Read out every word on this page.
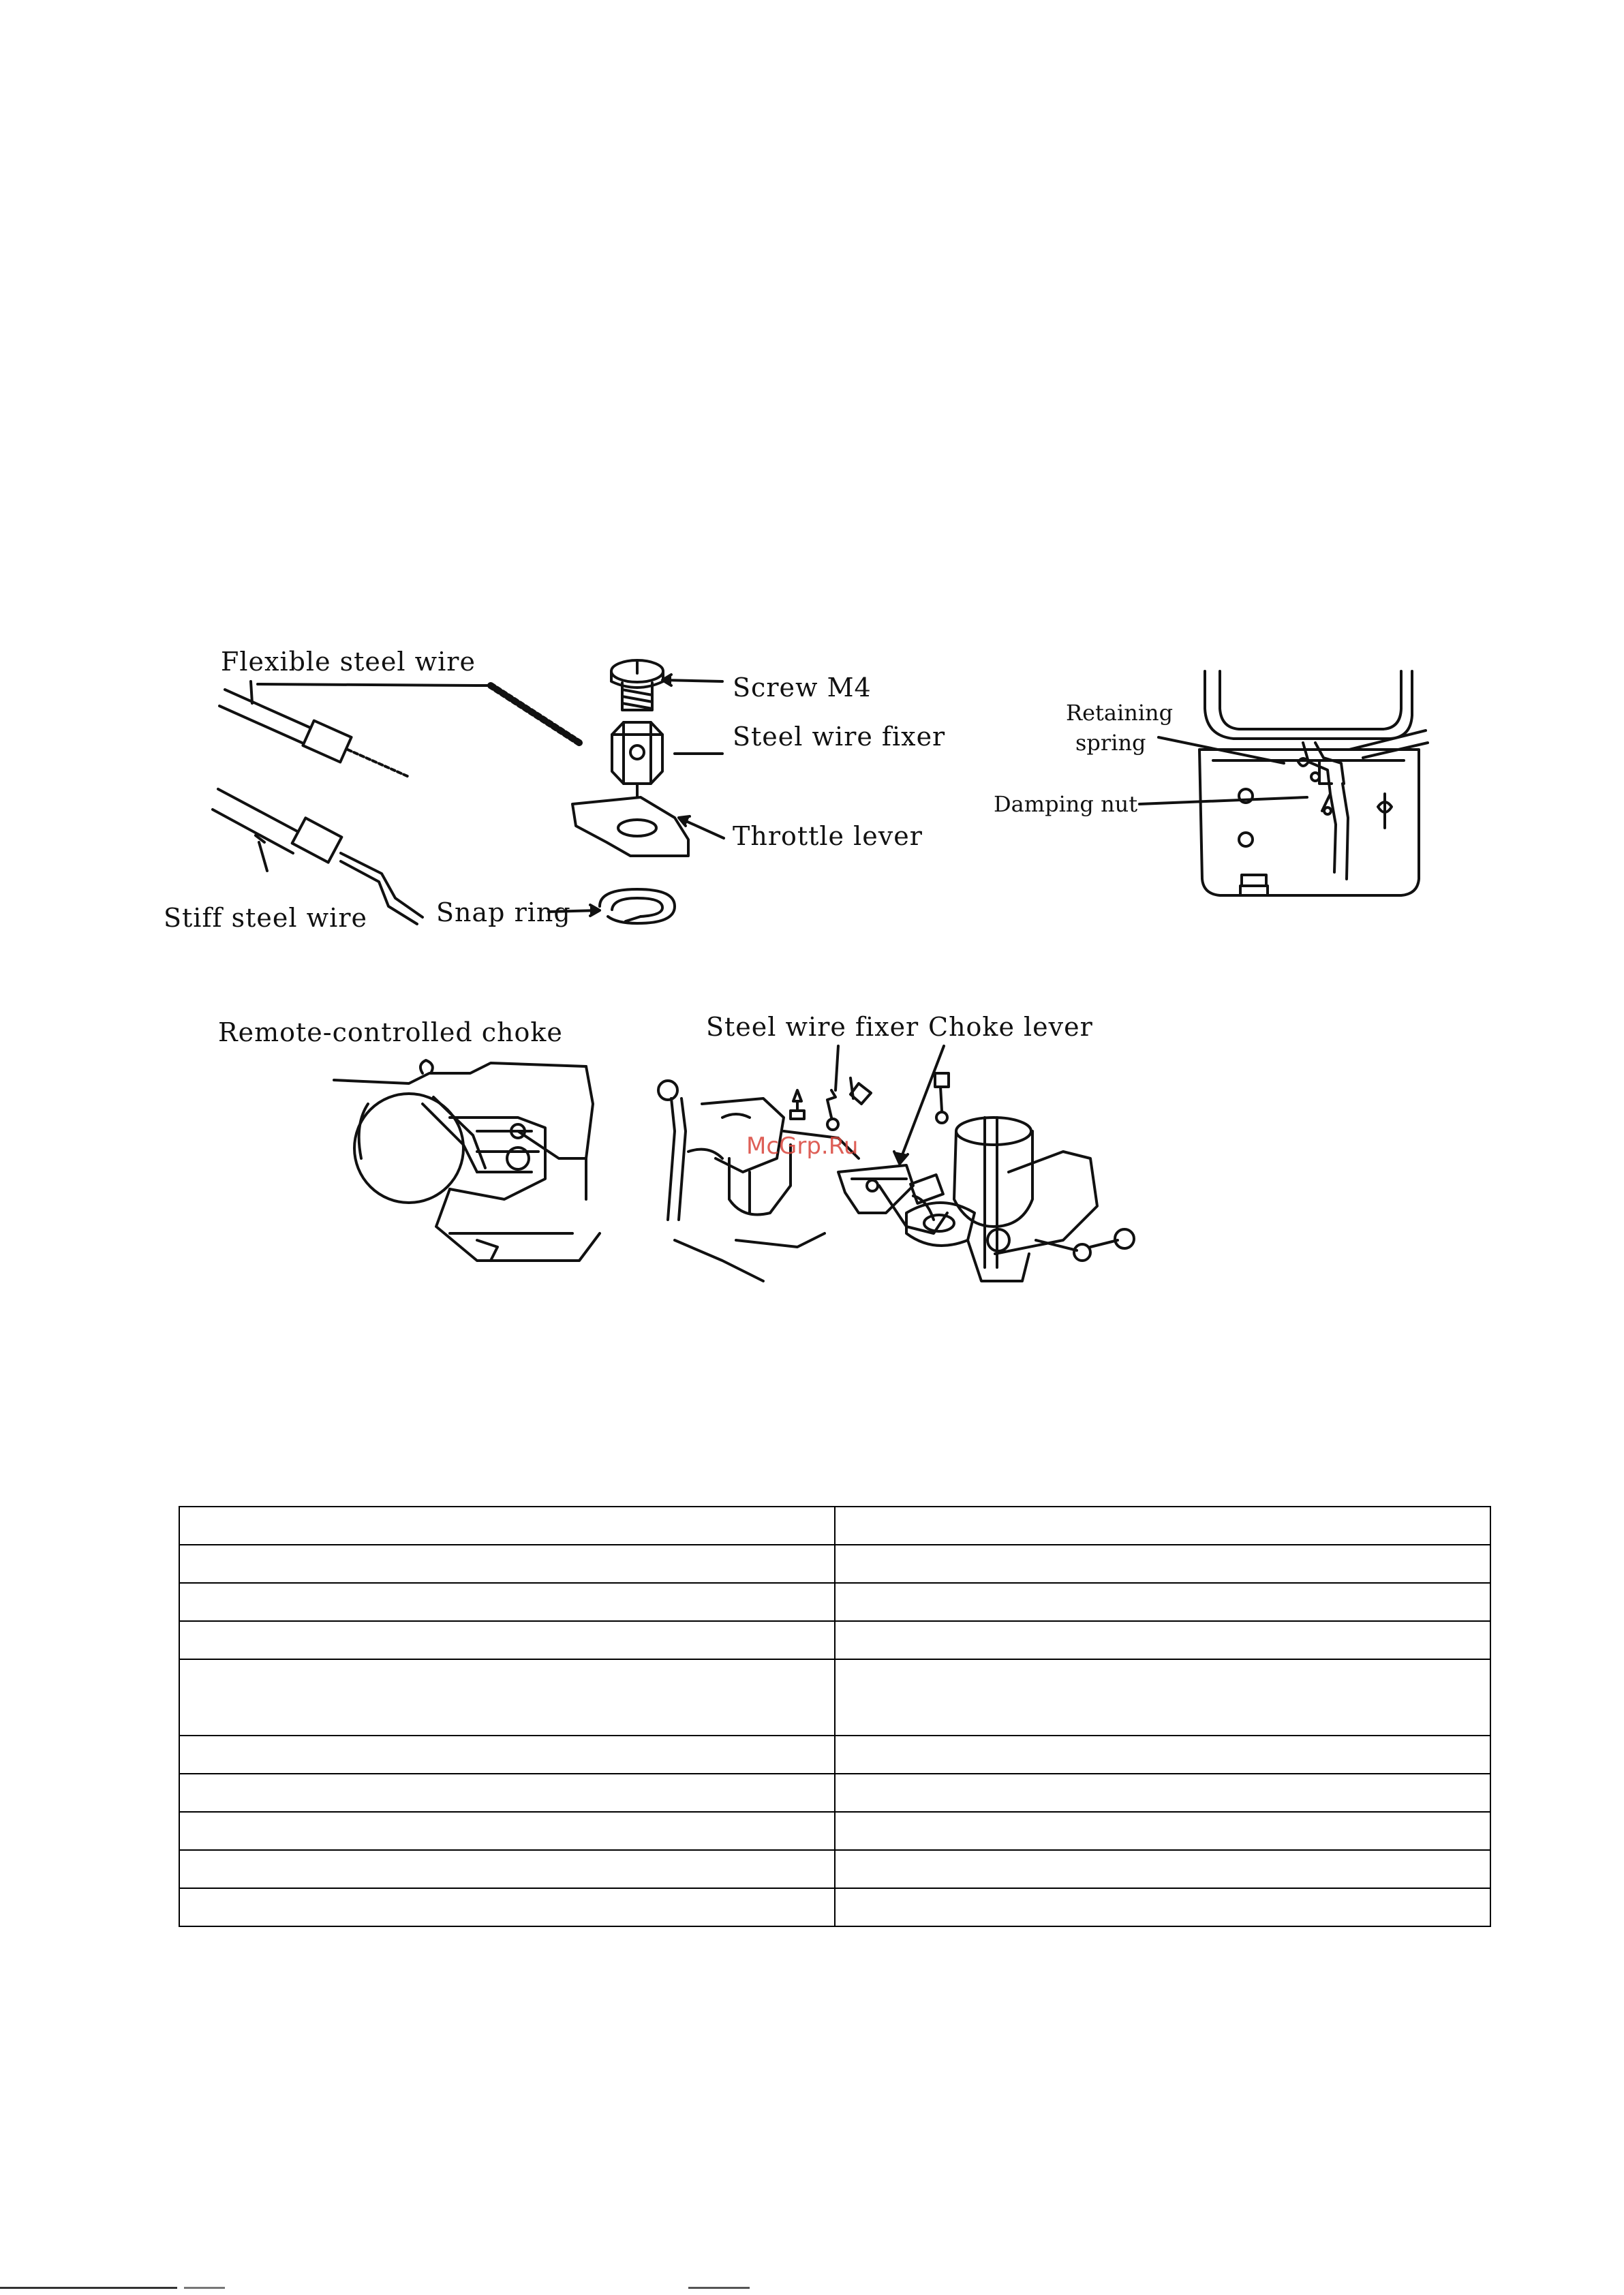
Flexible steel wire
Screw M4
Steel wire fixer
Throttle lever
Snap ring
Stiff steel wire
Retaining
spring
Damping nut
Remote-controlled choke	Steel wire fixer Choke lever
McGrp.Ru
